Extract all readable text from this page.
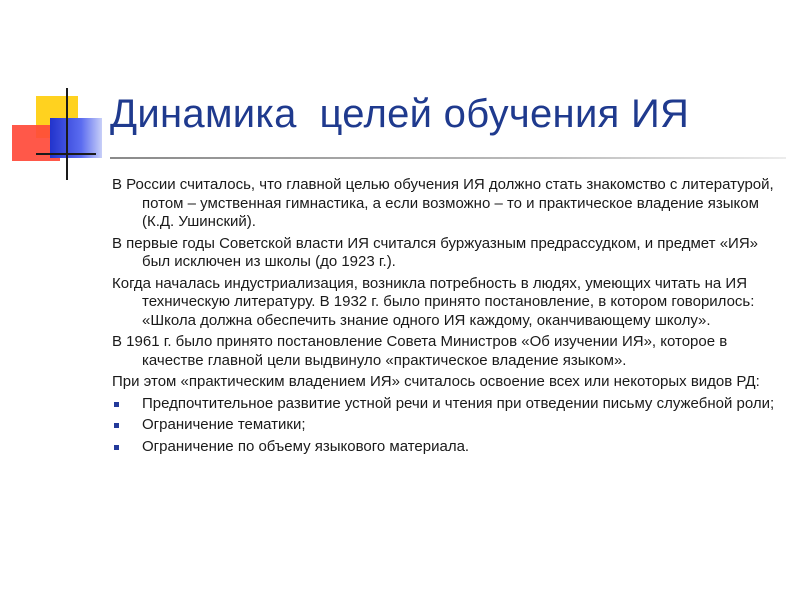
Динамика  целей обучения ИЯ

В России считалось, что главной целью обучения ИЯ должно стать знакомство с литературой, потом – умственная гимнастика, а если возможно – то и практическое владение языком (К.Д. Ушинский).

В первые годы Советской власти ИЯ считался буржуазным предрассудком, и предмет «ИЯ» был исключен из школы (до 1923 г.).

Когда началась индустриализация, возникла потребность в людях, умеющих читать на ИЯ техническую литературу. В 1932 г. было принято постановление, в котором говорилось: «Школа должна обеспечить знание одного ИЯ каждому, оканчивающему школу».

В 1961 г. было принято постановление Совета Министров «Об изучении ИЯ», которое в качестве главной цели выдвинуло «практическое владение языком».

При этом «практическим владением ИЯ» считалось освоение всех или некоторых видов РД:

Предпочтительное развитие устной речи и чтения при отведении письму служебной роли;
Ограничение тематики;
Ограничение по объему языкового материала.
